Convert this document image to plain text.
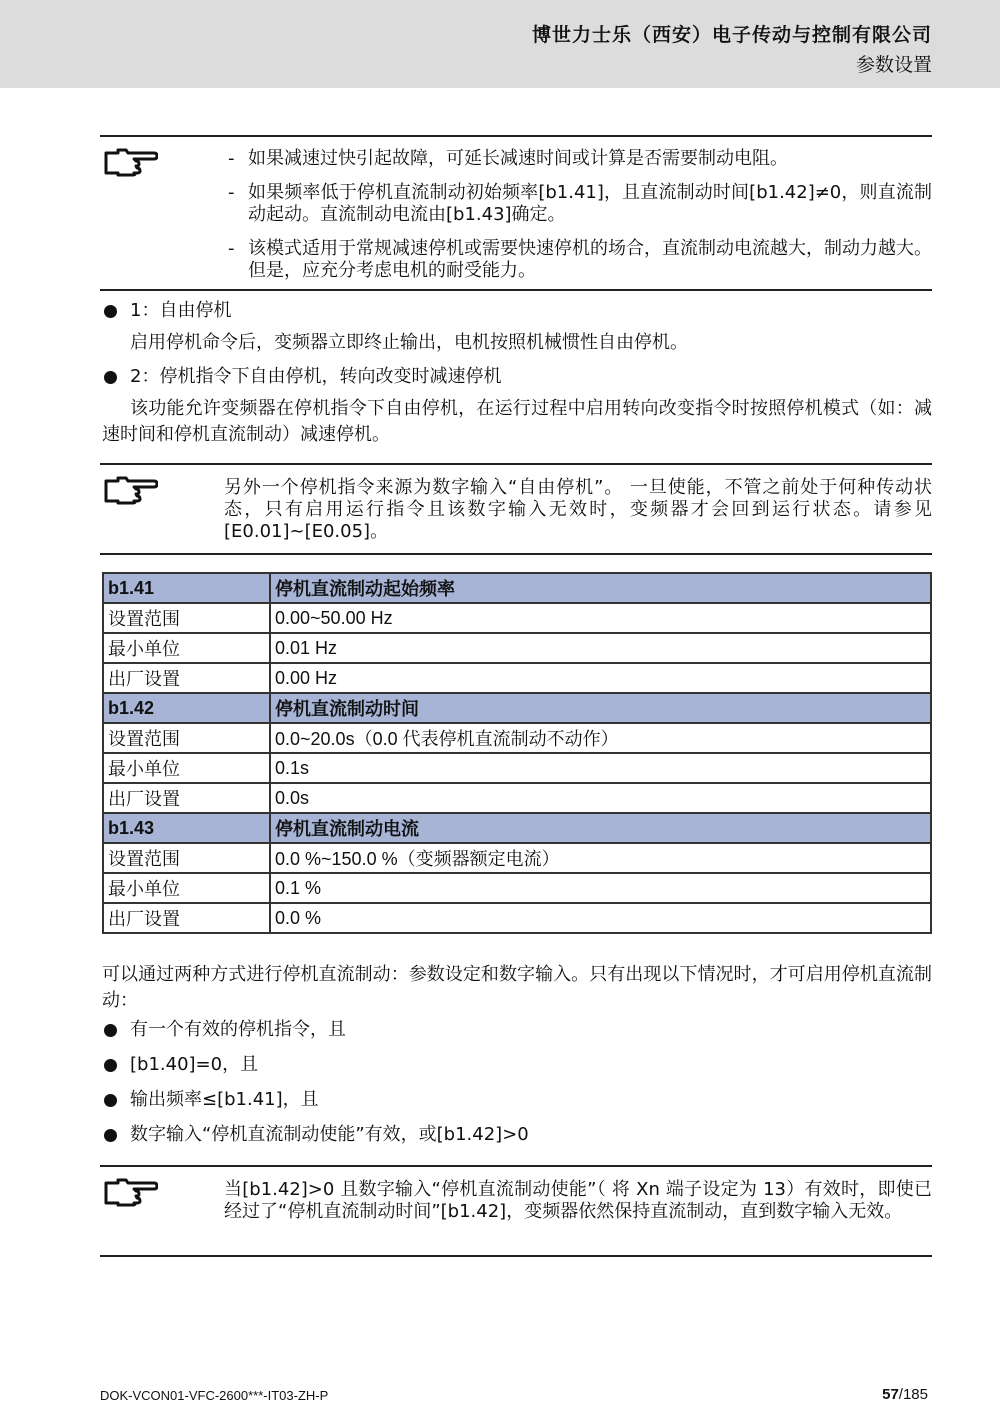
博世力士乐（西安）电子传动与控制有限公司
参数设置
- 如果减速过快引起故障，可延长减速时间或计算是否需要制动电阻。
- 如果频率低于停机直流制动初始频率[b1.41]，且直流制动时间[b1.42]≠0，则直流制动起动。直流制动电流由[b1.43]确定。
- 该模式适用于常规减速停机或需要快速停机的场合，直流制动电流越大，制动力越大。但是，应充分考虑电机的耐受能力。
1：自由停机
启用停机命令后，变频器立即终止输出，电机按照机械惯性自由停机。
2：停机指令下自由停机，转向改变时减速停机
该功能允许变频器在停机指令下自由停机，在运行过程中启用转向改变指令时按照停机模式（如：减速时间和停机直流制动）减速停机。
另外一个停机指令来源为数字输入“自由停机”。 一旦使能，不管之前处于何种传动状态，只有启用运行指令且该数字输入无效时，变频器才会回到运行状态。请参见[E0.01]~[E0.05]。
b1.41	停机直流制动起始频率
设置范围	0.00~50.00 Hz
最小单位	0.01 Hz
出厂设置	0.00 Hz
b1.42	停机直流制动时间
设置范围	0.0~20.0s（0.0 代表停机直流制动不动作）
最小单位	0.1s
出厂设置	0.0s
b1.43	停机直流制动电流
设置范围	0.0 %~150.0 %（变频器额定电流）
最小单位	0.1 %
出厂设置	0.0 %
可以通过两种方式进行停机直流制动：参数设定和数字输入。只有出现以下情况时，才可启用停机直流制动：
有一个有效的停机指令，且
[b1.40]=0，且
输出频率≤[b1.41]，且
数字输入“停机直流制动使能”有效，或[b1.42]>0
当[b1.42]>0 且数字输入“停机直流制动使能”（ 将 Xn 端子设定为 13）有效时，即使已经过了“停机直流制动时间”[b1.42]，变频器依然保持直流制动，直到数字输入无效。
DOK-VCON01-VFC-2600***-IT03-ZH-P	57/185
